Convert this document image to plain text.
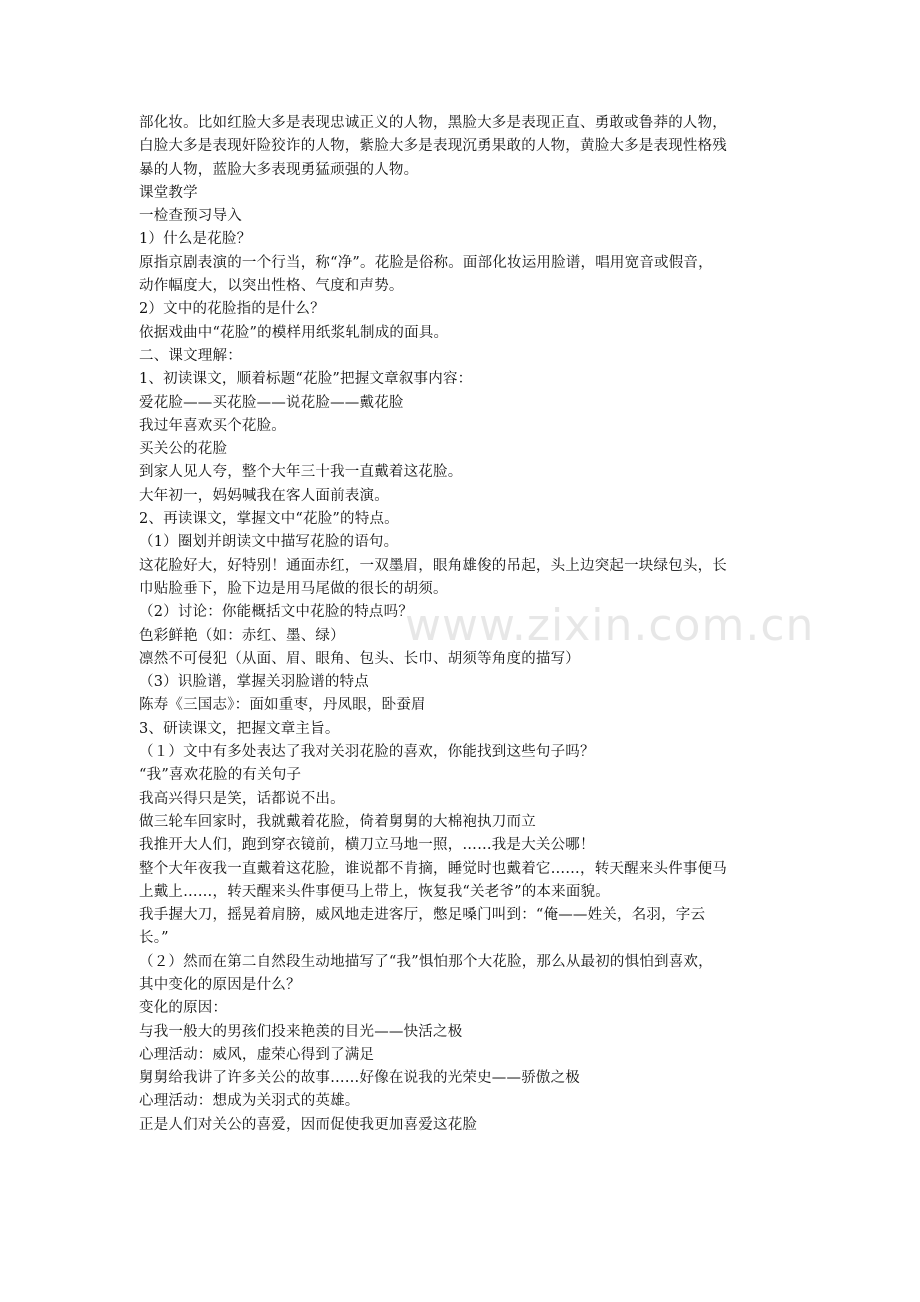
www.zixin.com.cn
部化妆。比如红脸大多是表现忠诚正义的人物，黑脸大多是表现正直、勇敢或鲁莽的人物，
白脸大多是表现奸险狡诈的人物，紫脸大多是表现沉勇果敢的人物，黄脸大多是表现性格残
暴的人物，蓝脸大多表现勇猛顽强的人物。
课堂教学
一检查预习导入
1）什么是花脸？
原指京剧表演的一个行当，称“净”。花脸是俗称。面部化妆运用脸谱，唱用宽音或假音，
动作幅度大，以突出性格、气度和声势。
2）文中的花脸指的是什么？
依据戏曲中“花脸”的模样用纸浆轧制成的面具。
二、课文理解：
1、初读课文，顺着标题“花脸”把握文章叙事内容：
爱花脸——买花脸——说花脸——戴花脸
我过年喜欢买个花脸。
买关公的花脸
到家人见人夸，整个大年三十我一直戴着这花脸。
大年初一，妈妈喊我在客人面前表演。
2、再读课文，掌握文中“花脸”的特点。
（1）圈划并朗读文中描写花脸的语句。
这花脸好大，好特别！通面赤红，一双墨眉，眼角雄俊的吊起，头上边突起一块绿包头，长
巾贴脸垂下，脸下边是用马尾做的很长的胡须。
（2）讨论：你能概括文中花脸的特点吗？
色彩鲜艳（如：赤红、墨、绿）
凛然不可侵犯（从面、眉、眼角、包头、长巾、胡须等角度的描写）
（3）识脸谱，掌握关羽脸谱的特点
陈寿《三国志》：面如重枣，丹凤眼，卧蚕眉
3、研读课文，把握文章主旨。
（１）文中有多处表达了我对关羽花脸的喜欢，你能找到这些句子吗？
“我”喜欢花脸的有关句子
我高兴得只是笑，话都说不出。
做三轮车回家时，我就戴着花脸，倚着舅舅的大棉袍执刀而立
我推开大人们，跑到穿衣镜前，横刀立马地一照，……我是大关公哪！
整个大年夜我一直戴着这花脸，谁说都不肯摘，睡觉时也戴着它……，转天醒来头件事便马
上戴上……，转天醒来头件事便马上带上，恢复我“关老爷”的本来面貌。
我手握大刀，摇晃着肩膀，威风地走进客厅，憋足嗓门叫到：“俺——姓关，名羽，字云
长。”
（２）然而在第二自然段生动地描写了“我”惧怕那个大花脸，那么从最初的惧怕到喜欢，
其中变化的原因是什么？
变化的原因：
与我一般大的男孩们投来艳羡的目光——快活之极
心理活动：威风，虚荣心得到了满足
舅舅给我讲了许多关公的故事……好像在说我的光荣史——骄傲之极
心理活动：想成为关羽式的英雄。
正是人们对关公的喜爱，因而促使我更加喜爱这花脸
